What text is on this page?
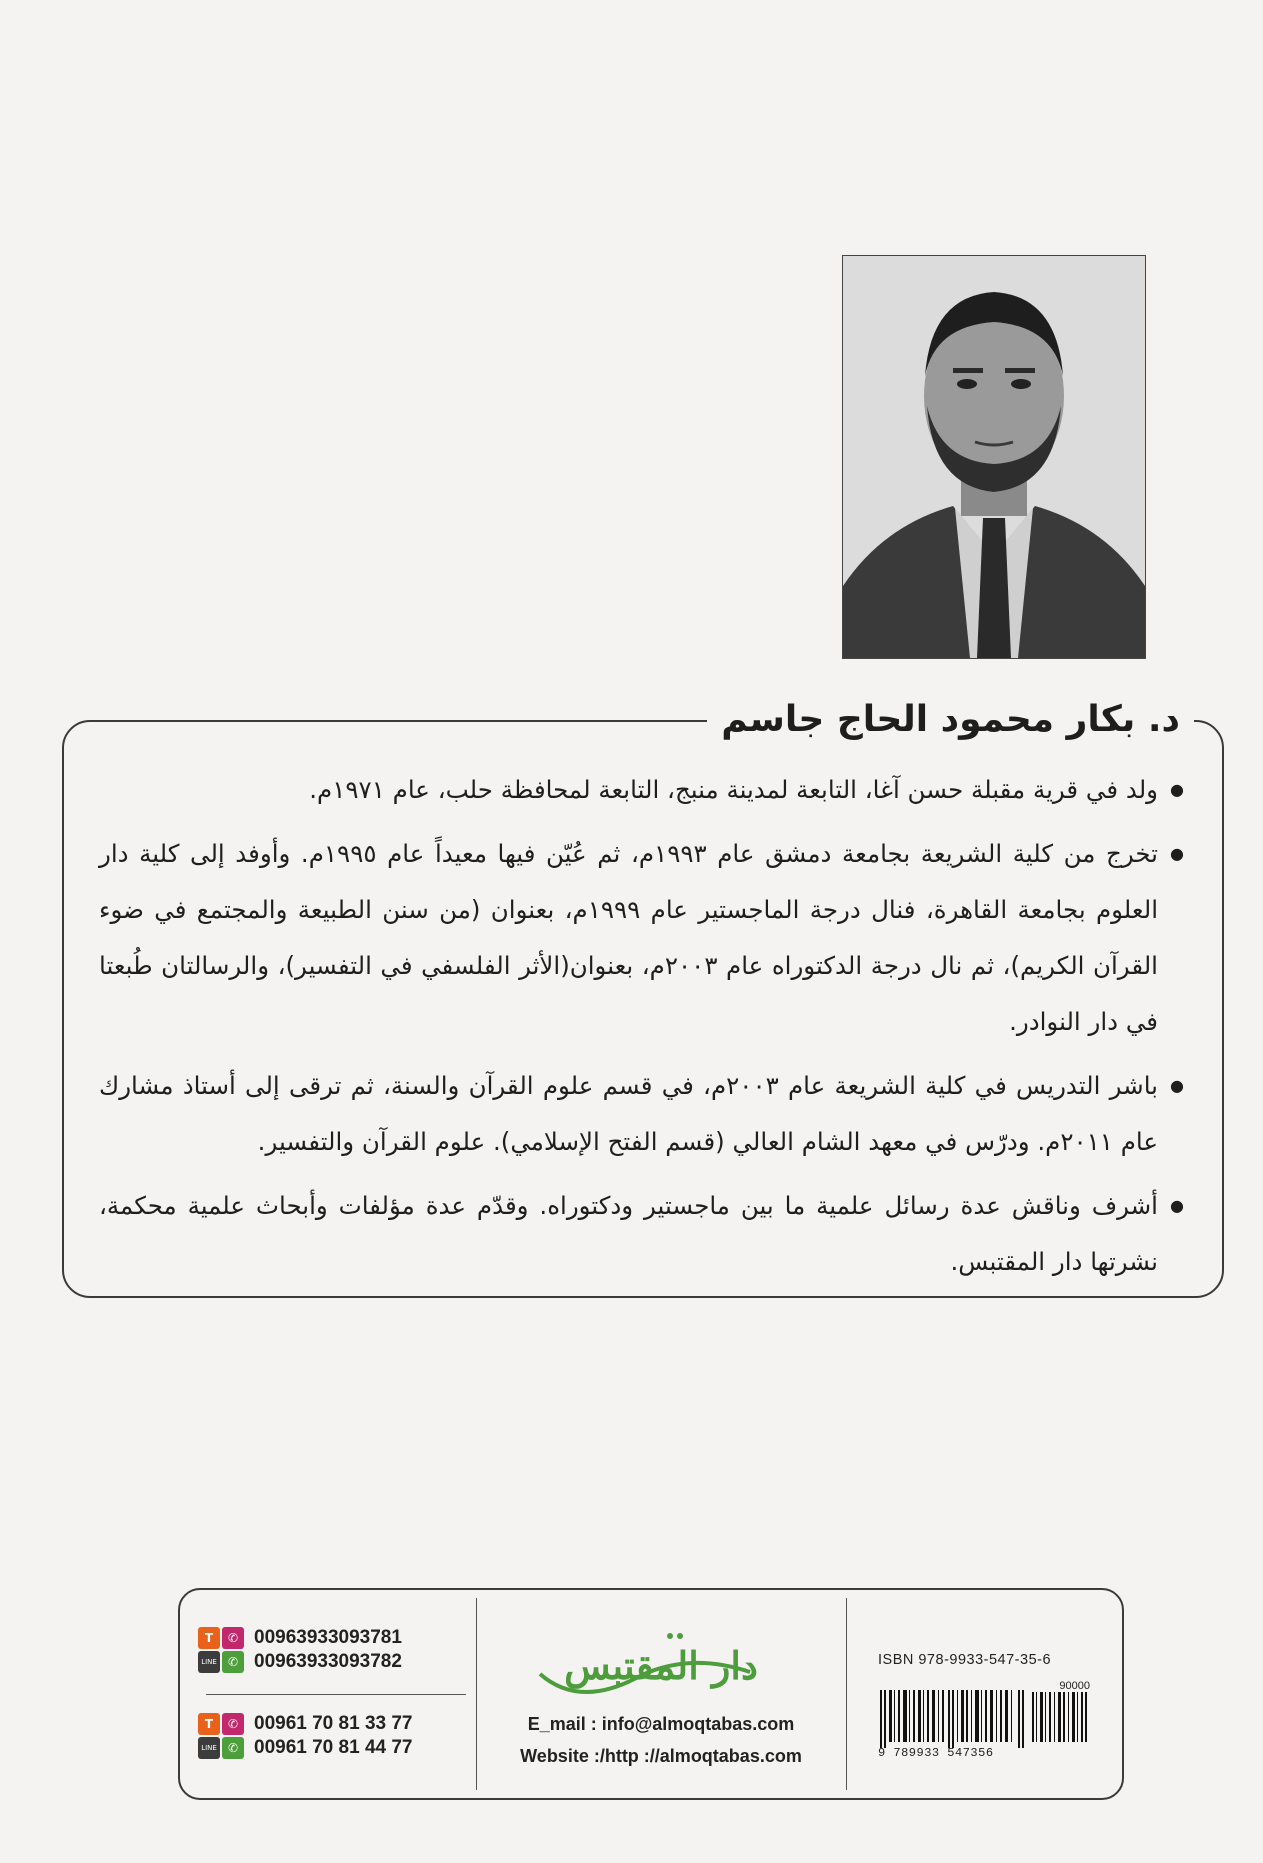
د. بكار محمود الحاج جاسم
● ولد في قرية مقبلة حسن آغا، التابعة لمدينة منبج، التابعة لمحافظة حلب، عام ١٩٧١م.
● تخرج من كلية الشريعة بجامعة دمشق عام ١٩٩٣م، ثم عُيّن فيها معيداً عام ١٩٩٥م. وأوفد إلى كلية دار العلوم بجامعة القاهرة، فنال درجة الماجستير عام ١٩٩٩م، بعنوان (من سنن الطبيعة والمجتمع في ضوء القرآن الكريم)، ثم نال درجة الدكتوراه عام ٢٠٠٣م، بعنوان(الأثر الفلسفي في التفسير)، والرسالتان طُبعتا في دار النوادر.
● باشر التدريس في كلية الشريعة عام ٢٠٠٣م، في قسم علوم القرآن والسنة، ثم ترقى إلى أستاذ مشارك عام ٢٠١١م. ودرّس في معهد الشام العالي (قسم الفتح الإسلامي). علوم القرآن والتفسير.
● أشرف وناقش عدة رسائل علمية ما بين ماجستير ودكتوراه. وقدّم عدة مؤلفات وأبحاث علمية محكمة، نشرتها دار المقتبس.
T	✆
LINE ✆
00963933093781
00963933093782
T	✆
LINE ✆
00961 70 81 33 77
00961 70 81 44 77
دار المقتبس
E_mail : info@almoqtabas.com
Website :/http ://almoqtabas.com
ISBN 978-9933-547-35-6
90000
9 789933 547356
